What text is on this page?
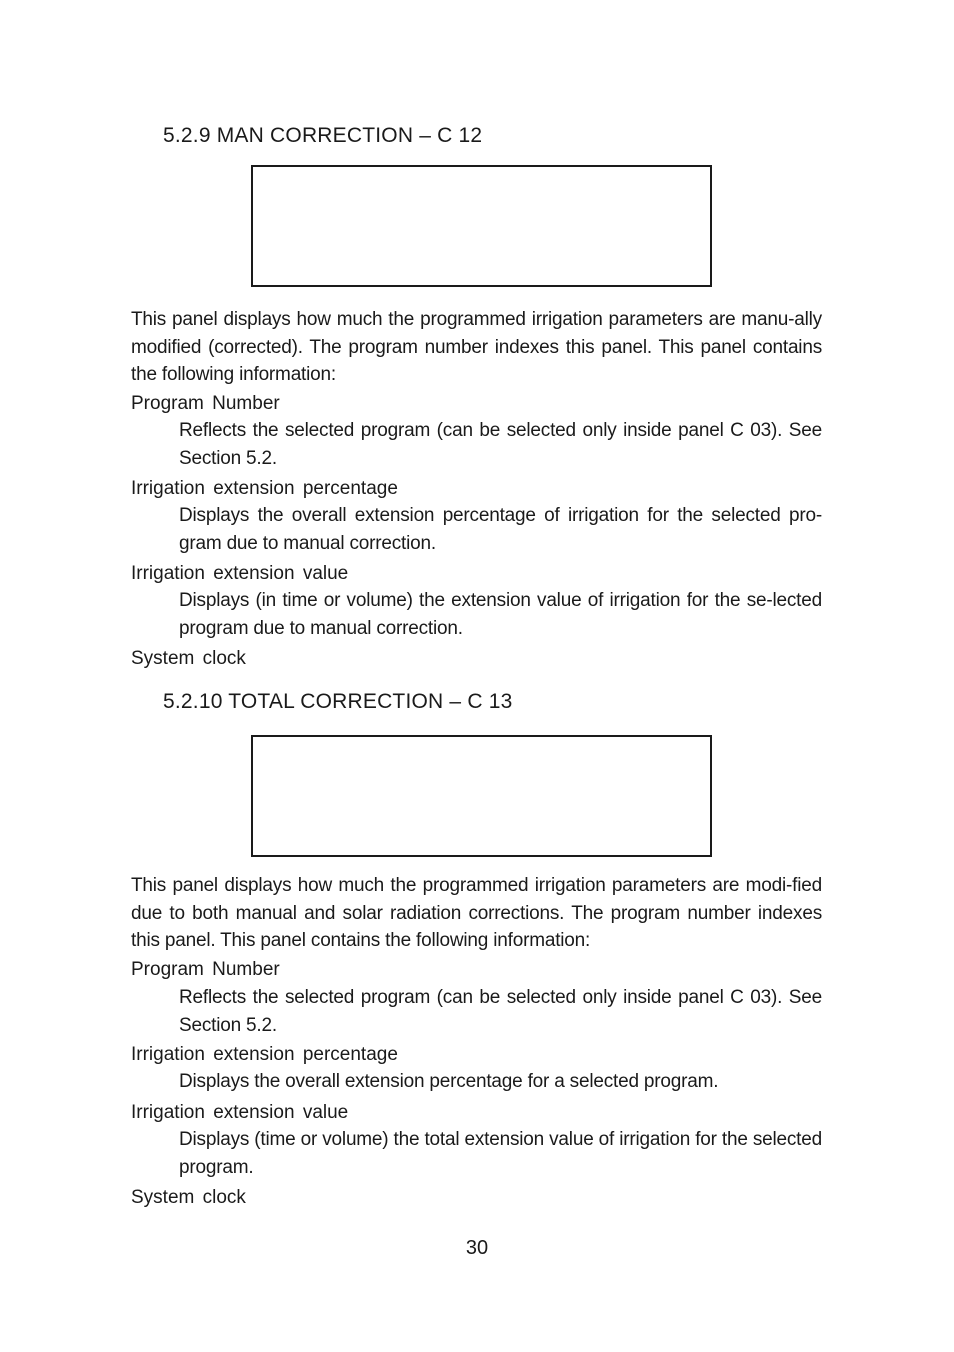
5.2.9 MAN CORRECTION – C 12
This panel displays how much the programmed irrigation parameters are manu-ally modified (corrected). The program number indexes this panel. This panel contains the following information:
Program Number
Reflects the selected program (can be selected only inside panel C 03). See Section 5.2.
Irrigation extension percentage
Displays the overall extension percentage of irrigation for the selected pro-gram due to manual correction.
Irrigation extension value
Displays (in time or volume) the extension value of irrigation for the se-lected program due to manual correction.
System clock
5.2.10 TOTAL CORRECTION – C 13
This panel displays how much the programmed irrigation parameters are modi-fied due to both manual and solar radiation corrections. The program number indexes this panel. This panel contains the following information:
Program Number
Reflects the selected program (can be selected only inside panel C 03). See Section 5.2.
Irrigation extension percentage
Displays the overall extension percentage for a selected program.
Irrigation extension value
Displays (time or volume) the total extension value of irrigation for the selected program.
System clock
30
